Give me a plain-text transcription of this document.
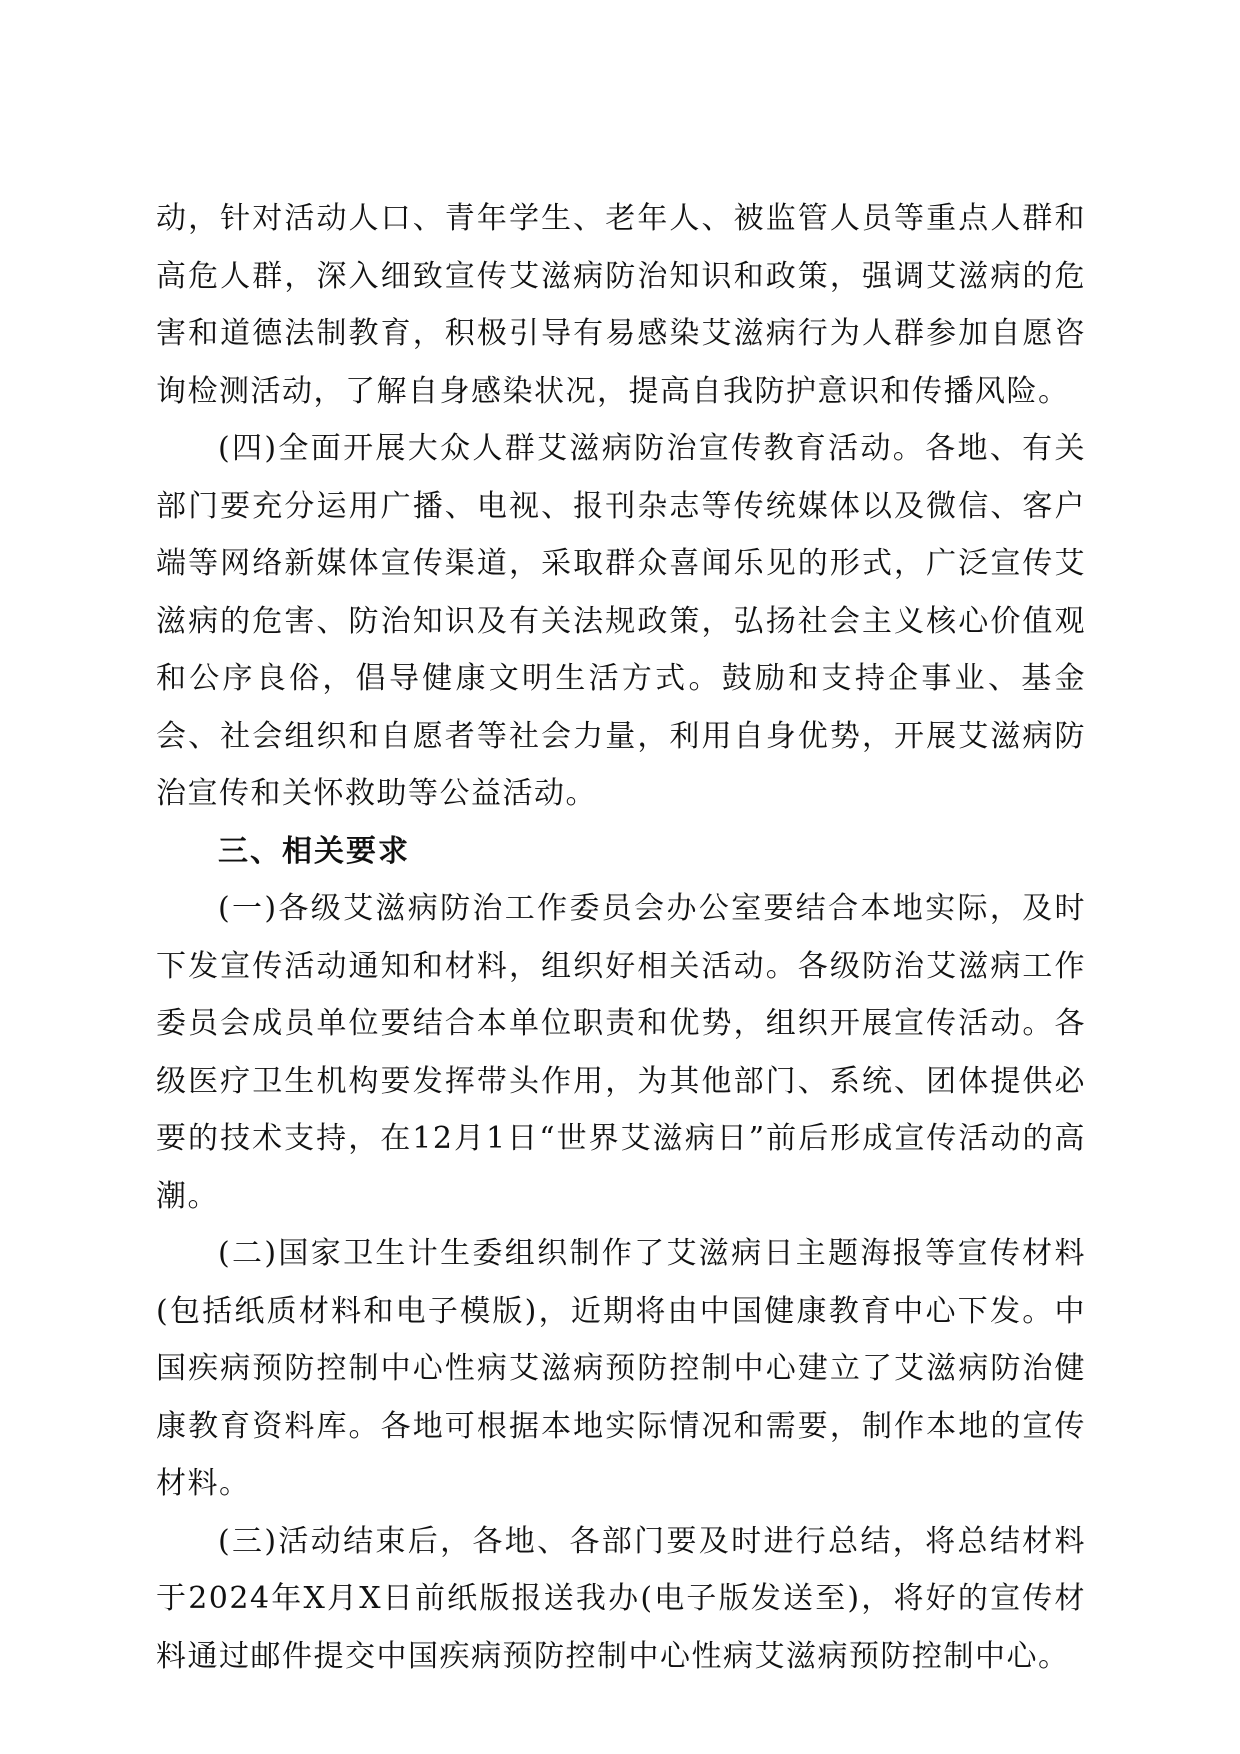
动，针对活动人口、青年学生、老年人、被监管人员等重点人群和高危人群，深入细致宣传艾滋病防治知识和政策，强调艾滋病的危害和道德法制教育，积极引导有易感染艾滋病行为人群参加自愿咨询检测活动，了解自身感染状况，提高自我防护意识和传播风险。

(四)全面开展大众人群艾滋病防治宣传教育活动。各地、有关部门要充分运用广播、电视、报刊杂志等传统媒体以及微信、客户端等网络新媒体宣传渠道，采取群众喜闻乐见的形式，广泛宣传艾滋病的危害、防治知识及有关法规政策，弘扬社会主义核心价值观和公序良俗，倡导健康文明生活方式。鼓励和支持企事业、基金会、社会组织和自愿者等社会力量，利用自身优势，开展艾滋病防治宣传和关怀救助等公益活动。

三、相关要求

(一)各级艾滋病防治工作委员会办公室要结合本地实际，及时下发宣传活动通知和材料，组织好相关活动。各级防治艾滋病工作委员会成员单位要结合本单位职责和优势，组织开展宣传活动。各级医疗卫生机构要发挥带头作用，为其他部门、系统、团体提供必要的技术支持，在12月1日“世界艾滋病日”前后形成宣传活动的高潮。

(二)国家卫生计生委组织制作了艾滋病日主题海报等宣传材料(包括纸质材料和电子模版)，近期将由中国健康教育中心下发。中国疾病预防控制中心性病艾滋病预防控制中心建立了艾滋病防治健康教育资料库。各地可根据本地实际情况和需要，制作本地的宣传材料。

(三)活动结束后，各地、各部门要及时进行总结，将总结材料于2024年X月X日前纸版报送我办(电子版发送至)，将好的宣传材料通过邮件提交中国疾病预防控制中心性病艾滋病预防控制中心。
